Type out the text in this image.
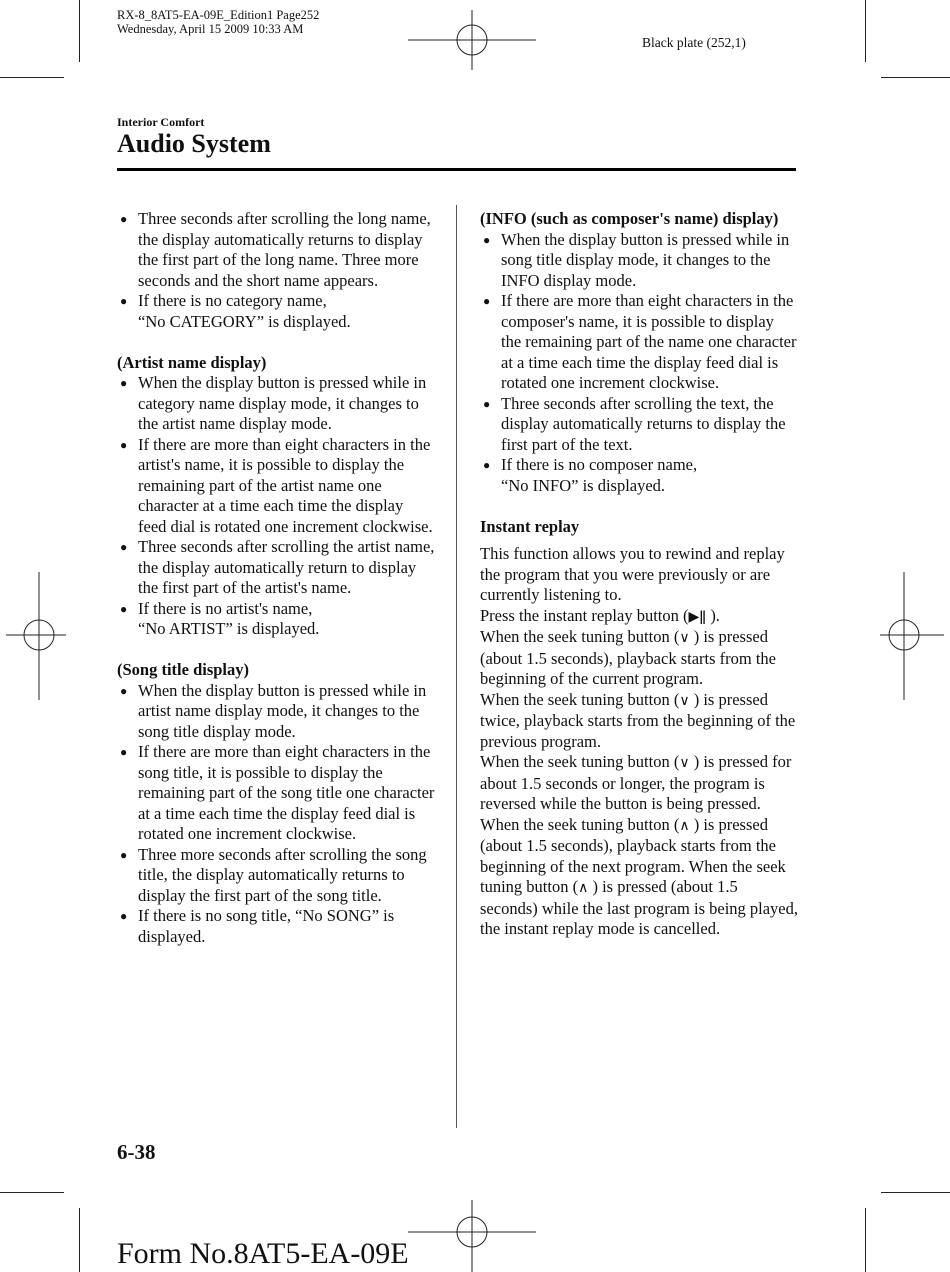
RX-8_8AT5-EA-09E_Edition1 Page252
Wednesday, April 15 2009 10:33 AM
Black plate (252,1)
Interior Comfort
Audio System
● Three seconds after scrolling the long name, the display automatically returns to display the first part of the long name. Three more seconds and the short name appears.
● If there is no category name,
“No CATEGORY” is displayed.
(Artist name display)
● When the display button is pressed while in category name display mode, it changes to the artist name display mode.
● If there are more than eight characters in the artist's name, it is possible to display the remaining part of the artist name one character at a time each time the display feed dial is rotated one increment clockwise.
● Three seconds after scrolling the artist name, the display automatically return to display the first part of the artist's name.
● If there is no artist's name,
“No ARTIST” is displayed.
(Song title display)
● When the display button is pressed while in artist name display mode, it changes to the song title display mode.
● If there are more than eight characters in the song title, it is possible to display the remaining part of the song title one character at a time each time the display feed dial is rotated one increment clockwise.
● Three more seconds after scrolling the song title, the display automatically returns to display the first part of the song title.
● If there is no song title, “No SONG” is displayed.
(INFO (such as composer's name) display)
● When the display button is pressed while in song title display mode, it changes to the INFO display mode.
● If there are more than eight characters in the composer's name, it is possible to display the remaining part of the name one character at a time each time the display feed dial is rotated one increment clockwise.
● Three seconds after scrolling the text, the display automatically returns to display the first part of the text.
● If there is no composer name,
“No INFO” is displayed.
Instant replay

This function allows you to rewind and replay the program that you were previously or are currently listening to.

Press the instant replay button (▶ǁ ).

When the seek tuning button (∨ ) is pressed (about 1.5 seconds), playback starts from the beginning of the current program.

When the seek tuning button (∨ ) is pressed twice, playback starts from the beginning of the previous program.

When the seek tuning button (∨ ) is pressed for about 1.5 seconds or longer, the program is reversed while the button is being pressed.

When the seek tuning button (∧ ) is pressed (about 1.5 seconds), playback starts from the beginning of the next program. When the seek tuning button (∧ ) is pressed (about 1.5 seconds) while the last program is being played, the instant replay mode is cancelled.

6-38
Form No.8AT5-EA-09E
